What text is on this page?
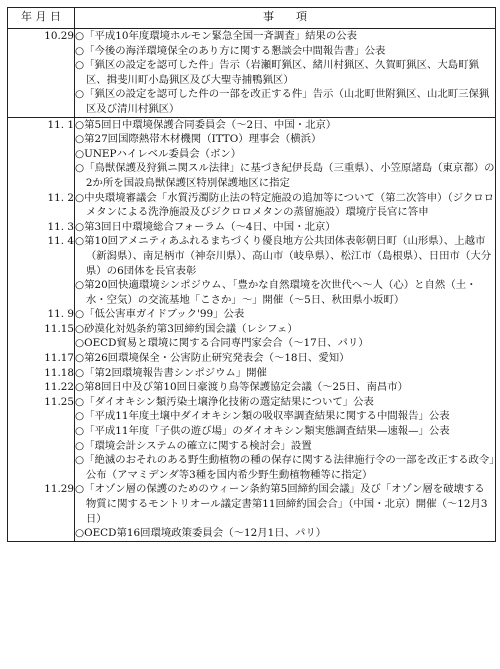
年 月 日	事項
10.29	○「平成10年度環境ホルモン緊急全国一斉調査」結果の公表
○「今後の海洋環境保全のあり方に関する懇談会中間報告書」公表
○「猟区の設定を認可した件」告示（岩瀬町猟区、緒川村猟区、久賀町猟区、大島町猟区、揖斐川町小島猟区及び大聖寺捕鴨猟区）
○「猟区の設定を認可した件の一部を改正する件」告示（山北町世附猟区、山北町三保猟区及び清川村猟区）

11. 1	○第5回日中環境保護合同委員会（〜2日、中国・北京）
○第27回国際熱帯木材機関（ITTO）理事会（横浜）
○UNEPハイレベル委員会（ボン）
○「鳥獣保護及狩猟ニ関スル法律」に基づき紀伊長島（三重県）、小笠原諸島（東京都）の2か所を国設鳥獣保護区特別保護地区に指定

11. 2	○中央環境審議会「水質汚濁防止法の特定施設の追加等について（第二次答申）（ジクロロメタンによる洗浄施設及びジクロロメタンの蒸留施設）環境庁長官に答申

11. 3	○第3回日中環境総合フォーラム（〜4日、中国・北京）

11. 4	○第10回アメニティあふれるまちづくり優良地方公共団体表彰朝日町（山形県）、上越市（新潟県）、南足柄市（神奈川県）、高山市（岐阜県）、松江市（島根県）、日田市（大分県）の6団体を長官表彰
○第20回快適環境シンポジウム、「豊かな自然環境を次世代へ〜人（心）と自然（土・水・空気）の交流基地「こさか」〜」開催（〜5日、秋田県小坂町）

11. 9	○「低公害車ガイドブック'99」公表

11.15	○砂漠化対処条約第3回締約国会議（レシフェ）
○OECD貿易と環境に関する合同専門家会合（〜17日、パリ）

11.17	○第26回環境保全・公害防止研究発表会（〜18日、愛知）

11.18	○「第2回環境報告書シンポジウム」開催

11.22	○第8回日中及び第10回日豪渡り鳥等保護協定会議（〜25日、南昌市）

11.25	○「ダイオキシン類汚染土壌浄化技術の選定結果について」公表
○「平成11年度土壌中ダイオキシン類の吸収率調査結果に関する中間報告」公表
○「平成11年度「子供の遊び場」のダイオキシン類実態調査結果—速報—」公表
○「環境会計システムの確立に関する検討会」設置
○「絶滅のおそれのある野生動植物の種の保存に関する法律施行令の一部を改正する政令」公布（アマミデンダ等3種を国内希少野生動植物種等に指定）

11.29	○「オゾン層の保護のためのウィーン条約第5回締約国会議」及び「オゾン層を破壊する物質に関するモントリオール議定書第11回締約国会合」（中国・北京）開催（〜12月3日）
○OECD第16回環境政策委員会（〜12月1日、パリ）
